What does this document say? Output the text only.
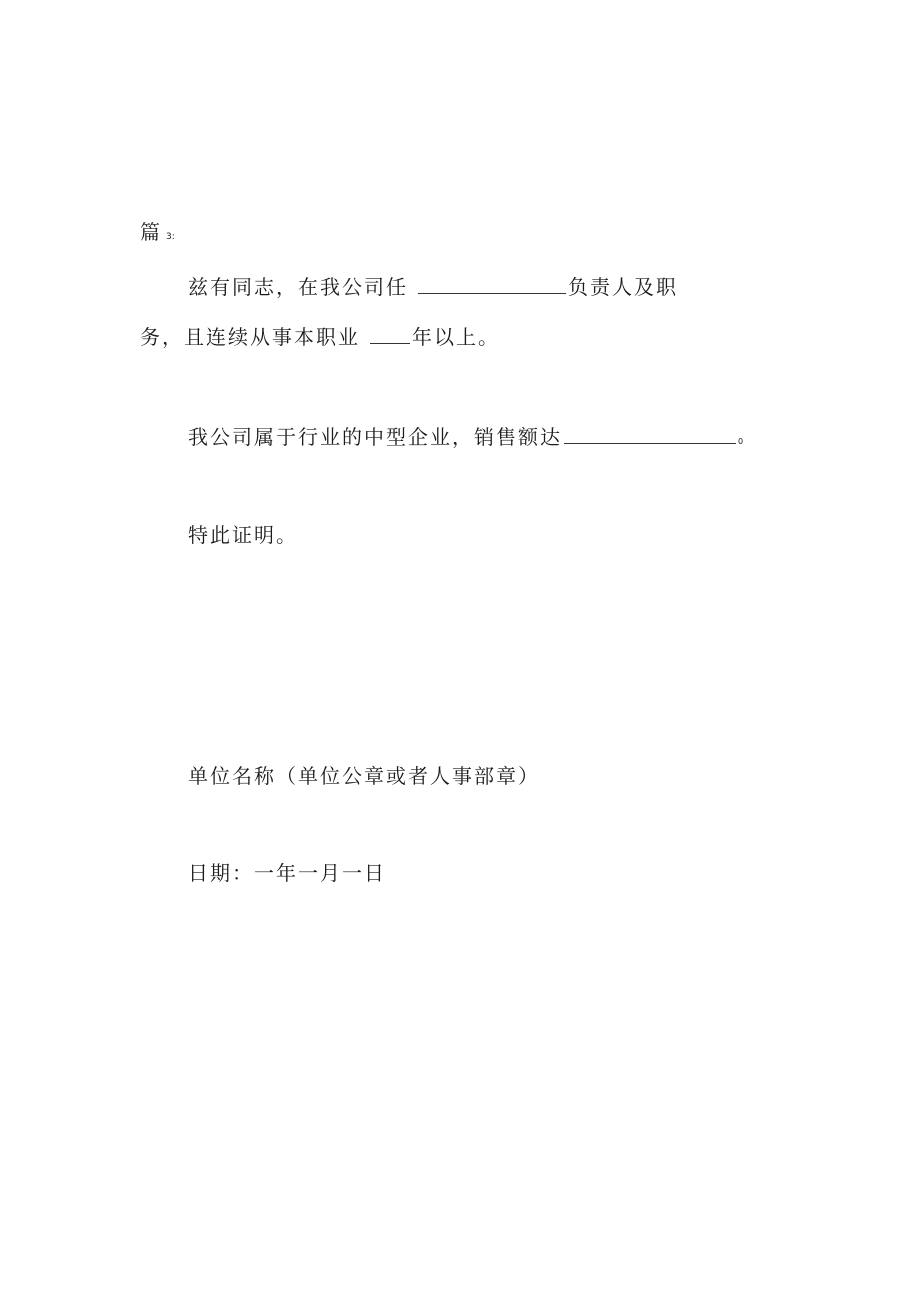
篇 3:
兹有同志，在我公司任	负责人及职
务，且连续从事本职业	年以上。
我公司属于行业的中型企业，销售额达	0
特此证明。
单位名称（单位公章或者人事部章）
日期：一年一月一日
